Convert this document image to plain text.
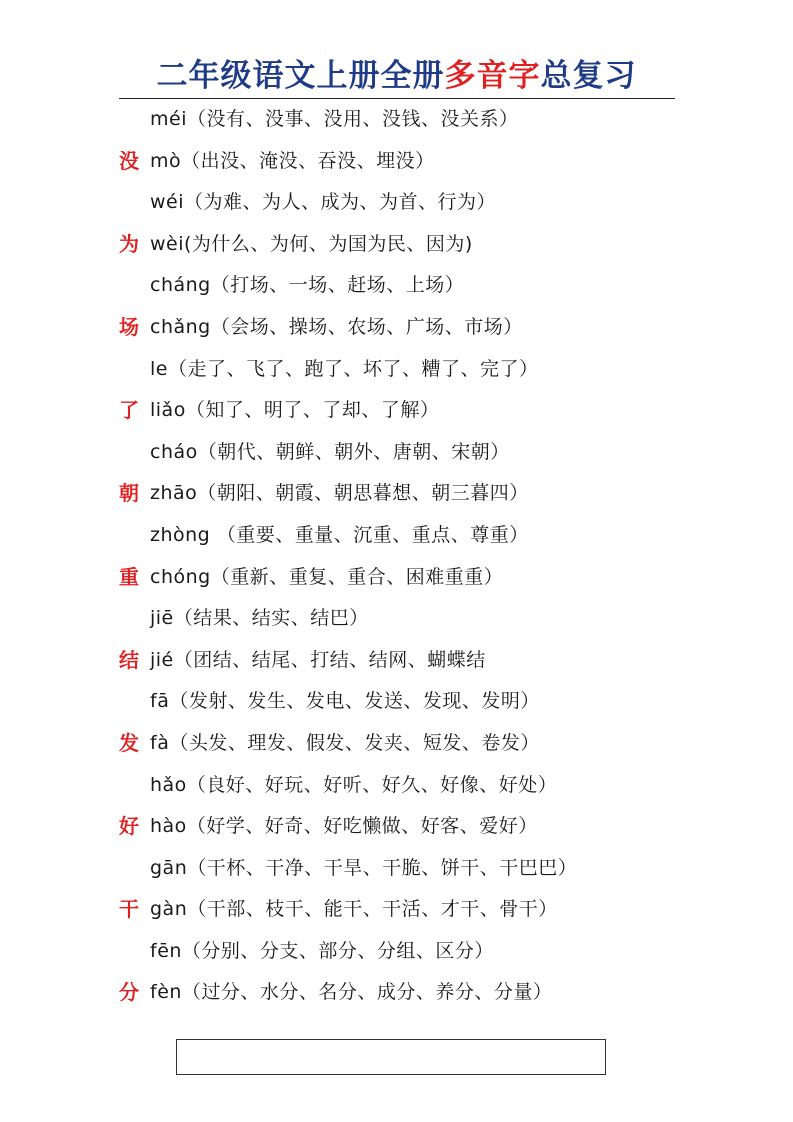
二年级语文上册全册多音字总复习
méi（没有、没事、没用、没钱、没关系）
没 mò（出没、淹没、吞没、埋没）
wéi（为难、为人、成为、为首、行为）
为 wèi(为什么、为何、为国为民、因为)
cháng（打场、一场、赶场、上场）
场 chǎng（会场、操场、农场、广场、市场）
le（走了、飞了、跑了、坏了、糟了、完了）
了 liǎo（知了、明了、了却、了解）
cháo（朝代、朝鲜、朝外、唐朝、宋朝）
朝 zhāo（朝阳、朝霞、朝思暮想、朝三暮四）
zhòng （重要、重量、沉重、重点、尊重）
重 chóng（重新、重复、重合、困难重重）
jiē（结果、结实、结巴）
结 jié（团结、结尾、打结、结网、蝴蝶结
fā（发射、发生、发电、发送、发现、发明）
发 fà（头发、理发、假发、发夹、短发、卷发）
hǎo（良好、好玩、好听、好久、好像、好处）
好 hào（好学、好奇、好吃懒做、好客、爱好）
gān（干杯、干净、干旱、干脆、饼干、干巴巴）
干 gàn（干部、枝干、能干、干活、才干、骨干）
fēn（分别、分支、部分、分组、区分）
分 fèn（过分、水分、名分、成分、养分、分量）
